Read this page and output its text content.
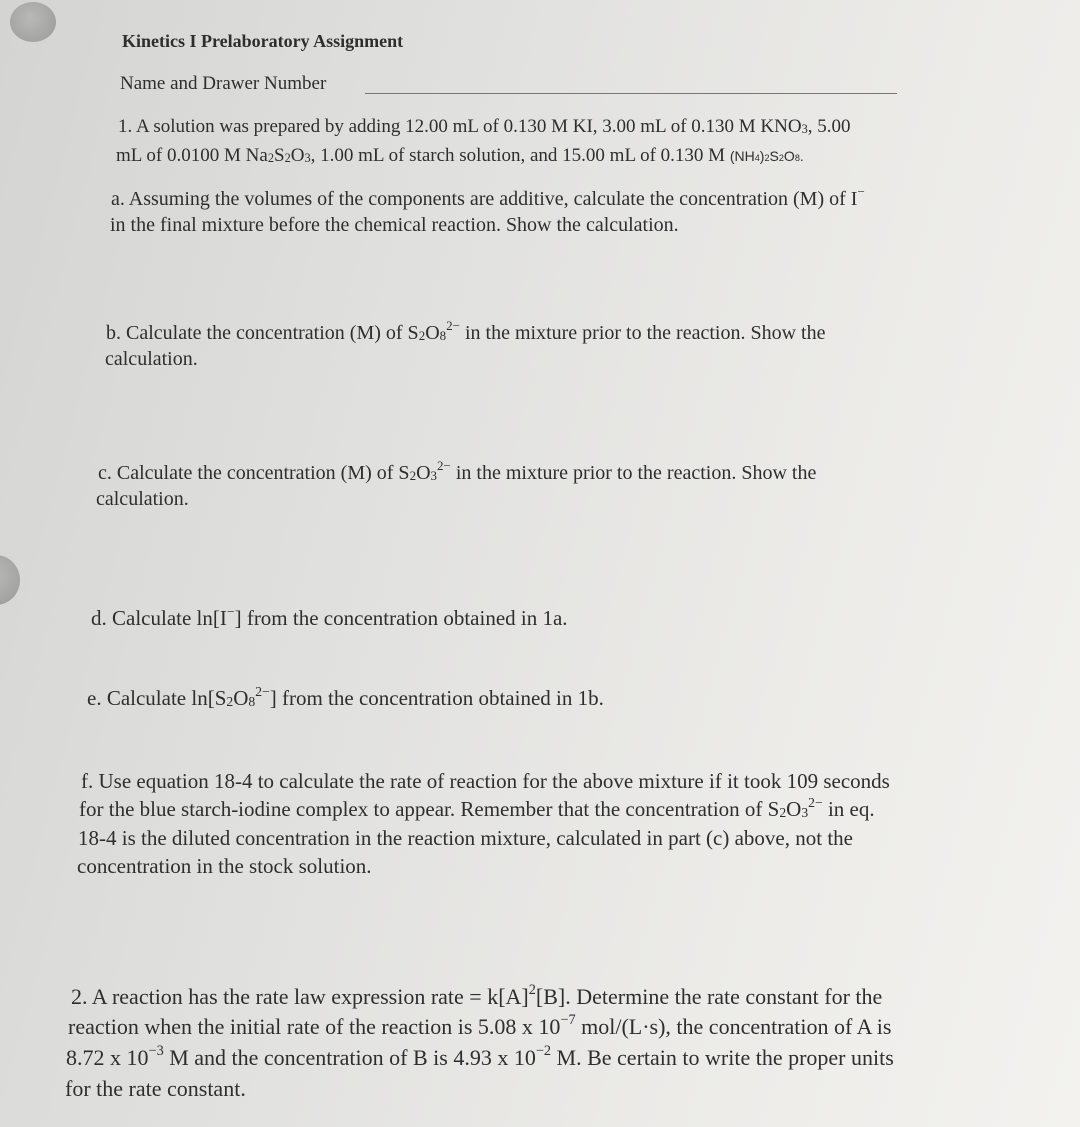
Kinetics I Prelaboratory Assignment
Name and Drawer Number
1. A solution was prepared by adding 12.00 mL of 0.130 M KI, 3.00 mL of 0.130 M $KNO_3$, 5.00
mL of 0.0100 M $Na_2S_2O_3$, 1.00 mL of starch solution, and 15.00 mL of 0.130 M $(NH_4)_2S_2O_8$.
a. Assuming the volumes of the components are additive, calculate the concentration (M) of I−
in the final mixture before the chemical reaction. Show the calculation.
b. Calculate the concentration (M) of $S_2O_8^{2-}$ in the mixture prior to the reaction. Show the
calculation.
c. Calculate the concentration (M) of $S_2O_3^{2-}$ in the mixture prior to the reaction. Show the
calculation.
d. Calculate ln[I−] from the concentration obtained in 1a.
e. Calculate $\ln[S_2O_8^{2-}]$ from the concentration obtained in 1b.
f. Use equation 18-4 to calculate the rate of reaction for the above mixture if it took 109 seconds
for the blue starch-iodine complex to appear. Remember that the concentration of $S_2O_3^{2-}$ in eq.
18-4 is the diluted concentration in the reaction mixture, calculated in part (c) above, not the
concentration in the stock solution.
2. A reaction has the rate law expression rate = $k[A]^2[B]$. Determine the rate constant for the
reaction when the initial rate of the reaction is 5.08 x $10^{-7}$ mol/(L·s), the concentration of A is
8.72 x $10^{-3}$ M and the concentration of B is 4.93 x $10^{-2}$ M. Be certain to write the proper units
for the rate constant.
